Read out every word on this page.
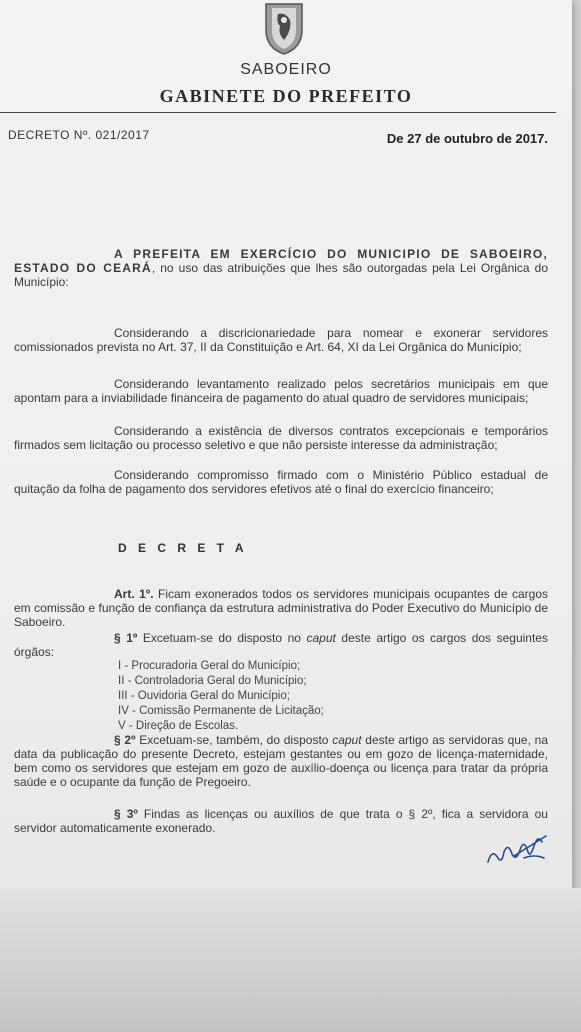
SABOEIRO
GABINETE DO PREFEITO
DECRETO Nº. 021/2017	De 27 de outubro de 2017.
A PREFEITA EM EXERCÍCIO DO MUNICIPIO DE SABOEIRO, ESTADO DO CEARÁ, no uso das atribuições que lhes são outorgadas pela Lei Orgânica do Município:
Considerando a discricionariedade para nomear e exonerar servidores comissionados prevista no Art. 37, II da Constituição e Art. 64, XI da Lei Orgânica do Município;
Considerando levantamento realizado pelos secretários municipais em que apontam para a inviabilidade financeira de pagamento do atual quadro de servidores municipais;
Considerando a existência de diversos contratos excepcionais e temporários firmados sem licitação ou processo seletivo e que não persiste interesse da administração;
Considerando compromisso firmado com o Ministério Público estadual de quitação da folha de pagamento dos servidores efetivos até o final do exercício financeiro;
D E C R E T A
Art. 1º. Ficam exonerados todos os servidores municipais ocupantes de cargos em comissão e função de confiança da estrutura administrativa do Poder Executivo do Município de Saboeiro.
§ 1º Excetuam-se do disposto no caput deste artigo os cargos dos seguintes órgãos:
I - Procuradoria Geral do Município;
II - Controladoria Geral do Município;
III - Ouvidoria Geral do Município;
IV - Comissão Permanente de Licitação;
V - Direção de Escolas.
§ 2º Excetuam-se, também, do disposto caput deste artigo as servidoras que, na data da publicação do presente Decreto, estejam gestantes ou em gozo de licença-maternidade, bem como os servidores que estejam em gozo de auxílio-doença ou licença para tratar da própria saúde e o ocupante da função de Pregoeiro.
§ 3º Findas as licenças ou auxílios de que trata o § 2º, fica a servidora ou servidor automaticamente exonerado.
